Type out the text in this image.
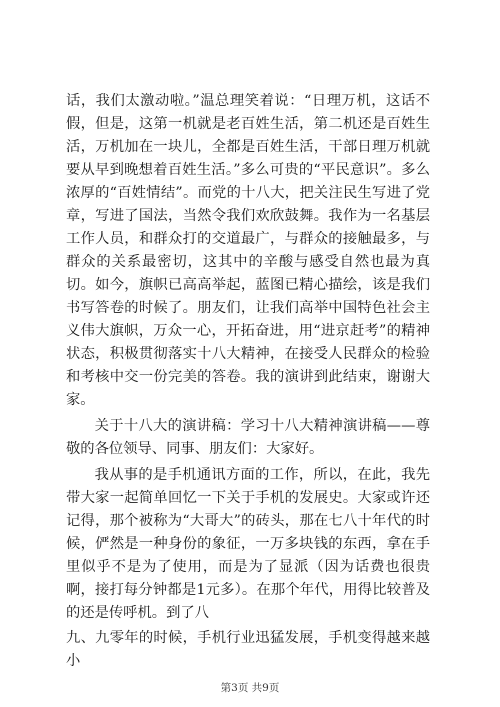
话，我们太激动啦。”温总理笑着说：“日理万机，这话不假，但是，这第一机就是老百姓生活，第二机还是百姓生活，万机加在一块儿，全都是百姓生活，干部日理万机就要从早到晚想着百姓生活。”多么可贵的“平民意识”。多么浓厚的“百姓情结”。而党的十八大，把关注民生写进了党章，写进了国法，当然令我们欢欣鼓舞。我作为一名基层工作人员，和群众打的交道最广，与群众的接触最多，与群众的关系最密切，这其中的辛酸与感受自然也最为真切。如今，旗帜已高高举起，蓝图已精心描绘，该是我们书写答卷的时候了。朋友们，让我们高举中国特色社会主义伟大旗帜，万众一心，开拓奋进，用“进京赶考”的精神状态，积极贯彻落实十八大精神，在接受人民群众的检验和考核中交一份完美的答卷。我的演讲到此结束，谢谢大家。

关于十八大的演讲稿：学习十八大精神演讲稿——尊敬的各位领导、同事、朋友们：大家好。

我从事的是手机通讯方面的工作，所以，在此，我先带大家一起简单回忆一下关于手机的发展史。大家或许还记得，那个被称为“大哥大”的砖头，那在七八十年代的时候，俨然是一种身份的象征，一万多块钱的东西，拿在手里似乎不是为了使用，而是为了显派（因为话费也很贵啊，接打每分钟都是1元多）。在那个年代，用得比较普及的还是传呼机。到了八

九、九零年的时候，手机行业迅猛发展，手机变得越来越小

第3页 共9页
